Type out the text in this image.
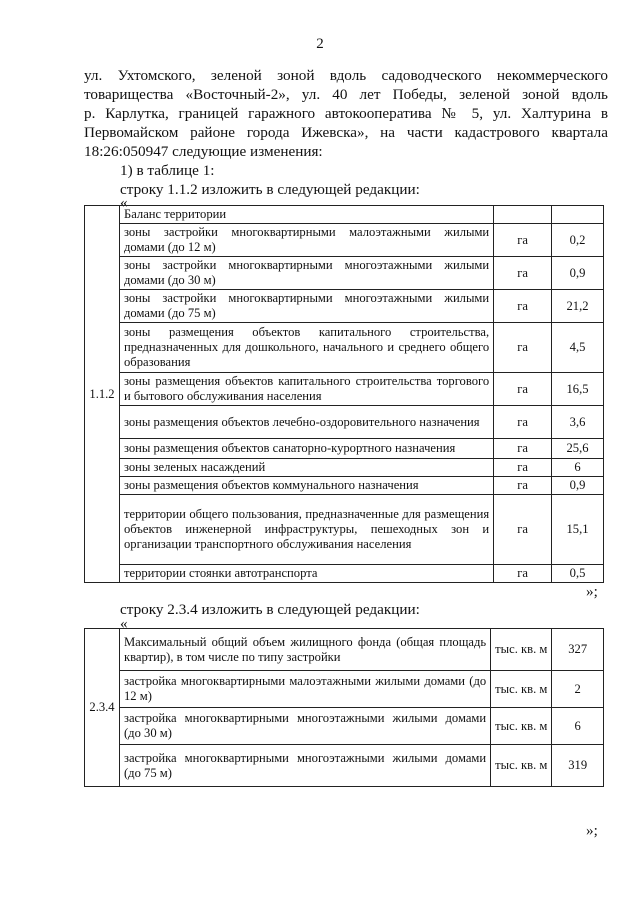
2
ул. Ухтомского, зеленой зоной вдоль садоводческого некоммерческого
товарищества «Восточный-2», ул. 40 лет Победы, зеленой зоной вдоль
р. Карлутка, границей гаражного автокооператива № 5, ул. Халтурина в
Первомайском районе города Ижевска», на части кадастрового квартала
18:26:050947 следующие изменения:
1) в таблице 1:
строку 1.1.2 изложить в следующей редакции:
«
1.1.2	Баланс территории		
	зоны застройки многоквартирными малоэтажными жилыми домами (до 12 м)	га	0,2
	зоны застройки многоквартирными многоэтажными жилыми домами (до 30 м)	га	0,9
	зоны застройки многоквартирными многоэтажными жилыми домами (до 75 м)	га	21,2
	зоны размещения объектов капитального строительства, предназначенных для дошкольного, начального и среднего общего образования	га	4,5
	зоны размещения объектов капитального строительства торгового и бытового обслуживания населения	га	16,5
	зоны размещения объектов лечебно-оздоровительного назначения	га	3,6
	зоны размещения объектов санаторно-курортного назначения	га	25,6
	зоны зеленых насаждений	га	6
	зоны размещения объектов коммунального назначения	га	0,9
	территории общего пользования, предназначенные для размещения объектов инженерной инфраструктуры, пешеходных зон и организации транспортного обслуживания населения	га	15,1
	территории стоянки автотранспорта	га	0,5
»;
строку 2.3.4 изложить в следующей редакции:
«
2.3.4	Максимальный общий объем жилищного фонда (общая площадь квартир), в том числе по типу застройки	тыс. кв. м	327
	застройка многоквартирными малоэтажными жилыми домами (до 12 м)	тыс. кв. м	2
	застройка многоквартирными многоэтажными жилыми домами (до 30 м)	тыс. кв. м	6
	застройка многоквартирными многоэтажными жилыми домами (до 75 м)	тыс. кв. м	319
»;
